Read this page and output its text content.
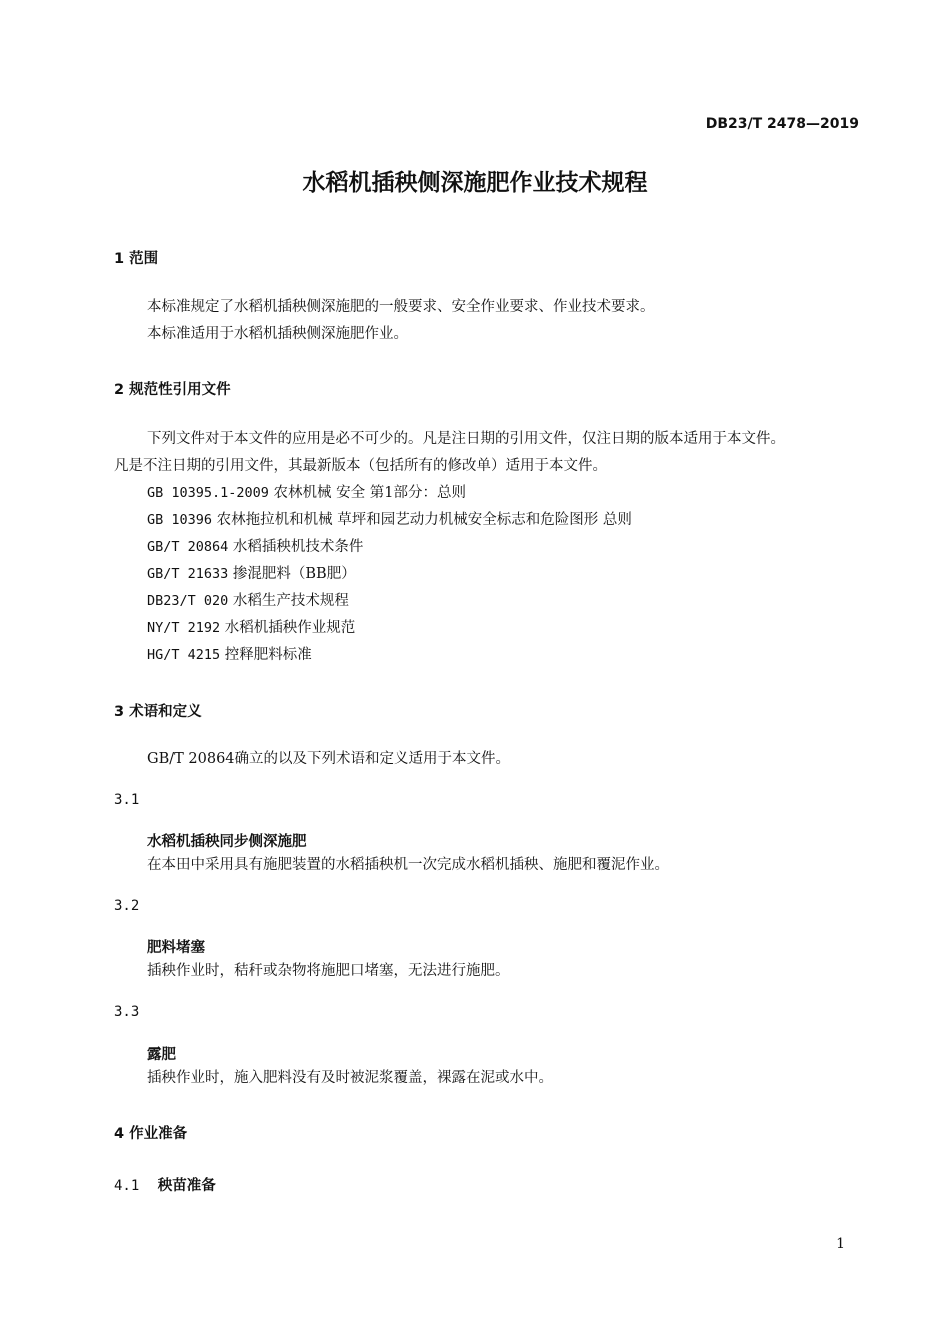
DB23/T 2478—2019
水稻机插秧侧深施肥作业技术规程
1 范围
本标准规定了水稻机插秧侧深施肥的一般要求、安全作业要求、作业技术要求。
本标准适用于水稻机插秧侧深施肥作业。
2 规范性引用文件
下列文件对于本文件的应用是必不可少的。凡是注日期的引用文件，仅注日期的版本适用于本文件。
凡是不注日期的引用文件，其最新版本（包括所有的修改单）适用于本文件。
GB 10395.1-2009 农林机械 安全 第1部分：总则
GB 10396 农林拖拉机和机械 草坪和园艺动力机械安全标志和危险图形 总则
GB/T 20864 水稻插秧机技术条件
GB/T 21633 掺混肥料（BB肥）
DB23/T 020 水稻生产技术规程
NY/T 2192 水稻机插秧作业规范
HG/T 4215 控释肥料标准
3 术语和定义
GB/T 20864确立的以及下列术语和定义适用于本文件。
3.1
水稻机插秧同步侧深施肥
在本田中采用具有施肥装置的水稻插秧机一次完成水稻机插秧、施肥和覆泥作业。
3.2
肥料堵塞
插秧作业时，秸秆或杂物将施肥口堵塞，无法进行施肥。
3.3
露肥
插秧作业时，施入肥料没有及时被泥浆覆盖，裸露在泥或水中。
4 作业准备
4.1 秧苗准备
1
